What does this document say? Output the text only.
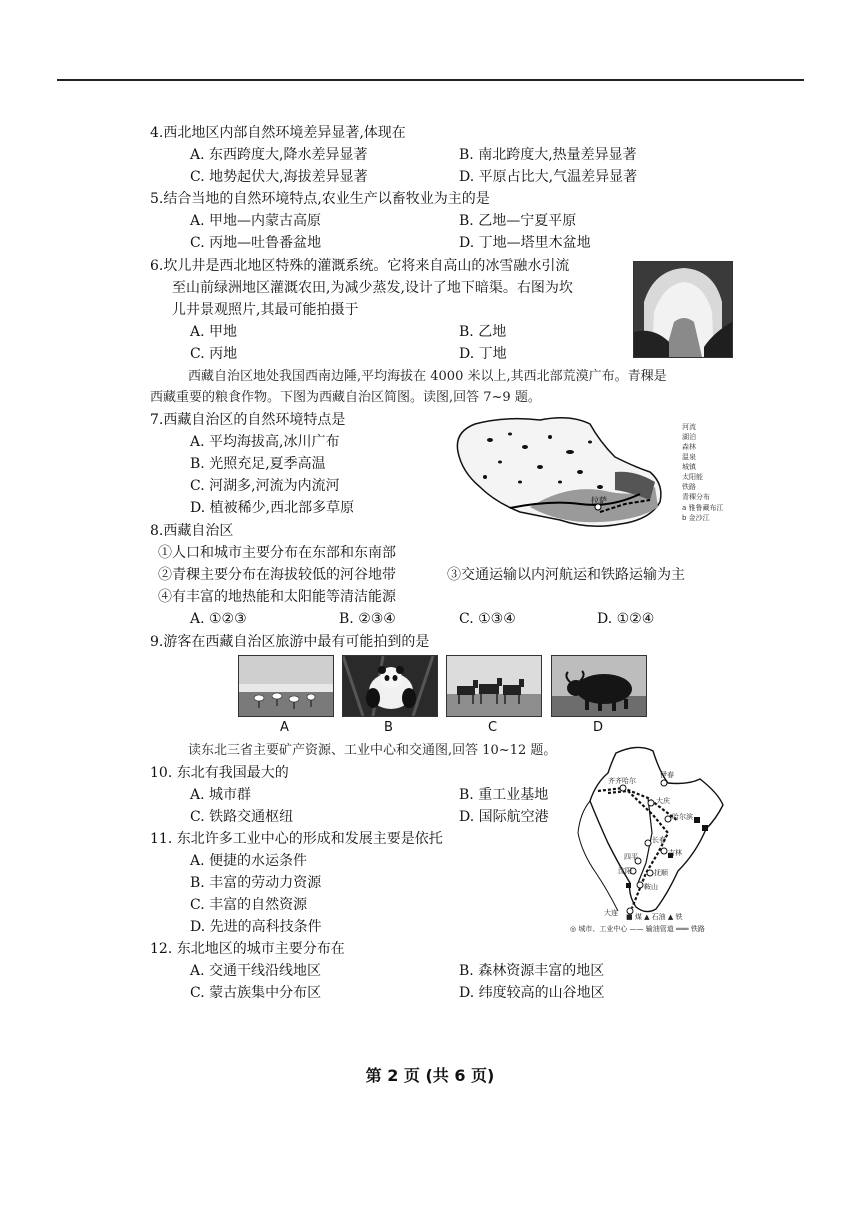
4.西北地区内部自然环境差异显著,体现在
A. 东西跨度大,降水差异显著	B. 南北跨度大,热量差异显著
C. 地势起伏大,海拔差异显著	D. 平原占比大,气温差异显著
5.结合当地的自然环境特点,农业生产以畜牧业为主的是
A. 甲地—内蒙古高原	B. 乙地—宁夏平原
C. 丙地—吐鲁番盆地	D. 丁地—塔里木盆地
6.坎儿井是西北地区特殊的灌溉系统。它将来自高山的冰雪融水引流
至山前绿洲地区灌溉农田,为减少蒸发,设计了地下暗渠。右图为坎
儿井景观照片,其最可能拍摄于
A. 甲地	B. 乙地
C. 丙地	D. 丁地
西藏自治区地处我国西南边陲,平均海拔在 4000 米以上,其西北部荒漠广布。青稞是
西藏重要的粮食作物。下图为西藏自治区简图。读图,回答 7~9 题。
7.西藏自治区的自然环境特点是
A. 平均海拔高,冰川广布
B. 光照充足,夏季高温
C. 河湖多,河流为内流河
D. 植被稀少,西北部多草原	拉萨
河流
湖泊
森林
温泉
城镇
太阳能
铁路
青稞分布
a 雅鲁藏布江
b 金沙江
8.西藏自治区
①人口和城市主要分布在东部和东南部
②青稞主要分布在海拔较低的河谷地带	③交通运输以内河航运和铁路运输为主
④有丰富的地热能和太阳能等清洁能源
A. ①②③	B. ②③④	C. ①③④	D. ①②④
9.游客在西藏自治区旅游中最有可能拍到的是
A	B	C	D
读东北三省主要矿产资源、工业中心和交通图,回答 10~12 题。
10. 东北有我国最大的
A. 城市群	B. 重工业基地
C. 铁路交通枢纽	D. 国际航空港
11. 东北许多工业中心的形成和发展主要是依托
A. 便捷的水运条件
B. 丰富的劳动力资源
C. 丰富的自然资源
D. 先进的高科技条件
齐齐哈尔
伊春
大庆
哈尔滨
长春
吉林
四平
沈阳	抚顺
鞍山
大连 ■ 煤 ▲ 石油 ▲ 铁
◎ 城市、工业中心 —— 输油管道 ═══ 铁路
12. 东北地区的城市主要分布在
A. 交通干线沿线地区	B. 森林资源丰富的地区
C. 蒙古族集中分布区	D. 纬度较高的山谷地区
第 2 页 (共 6 页)
